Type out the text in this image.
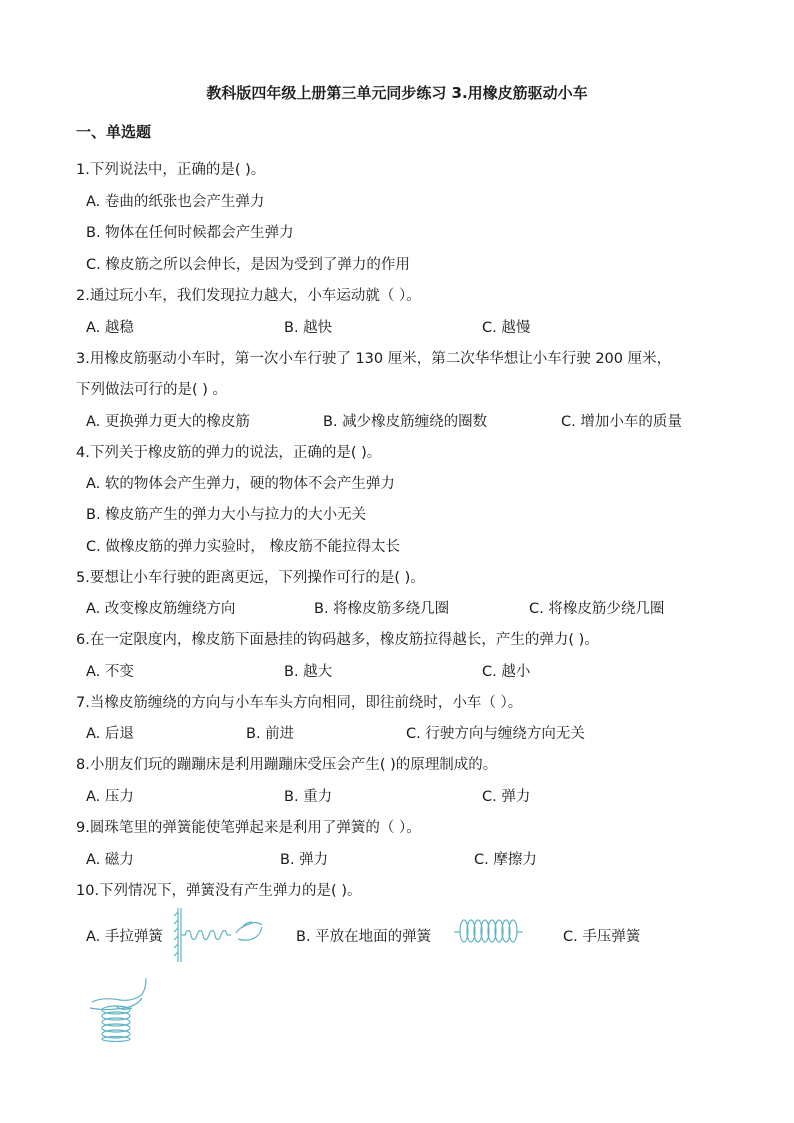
教科版四年级上册第三单元同步练习 3.用橡皮筋驱动小车
一、单选题
1.下列说法中，正确的是( )。
A. 卷曲的纸张也会产生弹力
B. 物体在任何时候都会产生弹力
C. 橡皮筋之所以会伸长，是因为受到了弹力的作用
2.通过玩小车，我们发现拉力越大，小车运动就（ ）。
A. 越稳	B. 越快	C. 越慢
3.用橡皮筋驱动小车时，第一次小车行驶了 130 厘米，第二次华华想让小车行驶 200 厘米，
下列做法可行的是( ) 。
A. 更换弹力更大的橡皮筋	B. 减少橡皮筋缠绕的圈数	C. 增加小车的质量
4.下列关于橡皮筋的弹力的说法，正确的是( )。
A. 软的物体会产生弹力，硬的物体不会产生弹力
B. 橡皮筋产生的弹力大小与拉力的大小无关
C. 做橡皮筋的弹力实验时， 橡皮筋不能拉得太长
5.要想让小车行驶的距离更远，下列操作可行的是( )。
A. 改变橡皮筋缠绕方向	B. 将橡皮筋多绕几圈	C. 将橡皮筋少绕几圈
6.在一定限度内，橡皮筋下面悬挂的钩码越多，橡皮筋拉得越长，产生的弹力( )。
A. 不变	B. 越大	C. 越小
7.当橡皮筋缠绕的方向与小车车头方向相同，即往前绕时，小车（ ）。
A. 后退	B. 前进	C. 行驶方向与缠绕方向无关
8.小朋友们玩的蹦蹦床是利用蹦蹦床受压会产生( )的原理制成的。
A. 压力	B. 重力	C. 弹力
9.圆珠笔里的弹簧能使笔弹起来是利用了弹簧的（ ）。
A. 磁力	B. 弹力	C. 摩擦力
10.下列情况下，弹簧没有产生弹力的是( )。
A. 手拉弹簧	B. 平放在地面的弹簧	C. 手压弹簧
